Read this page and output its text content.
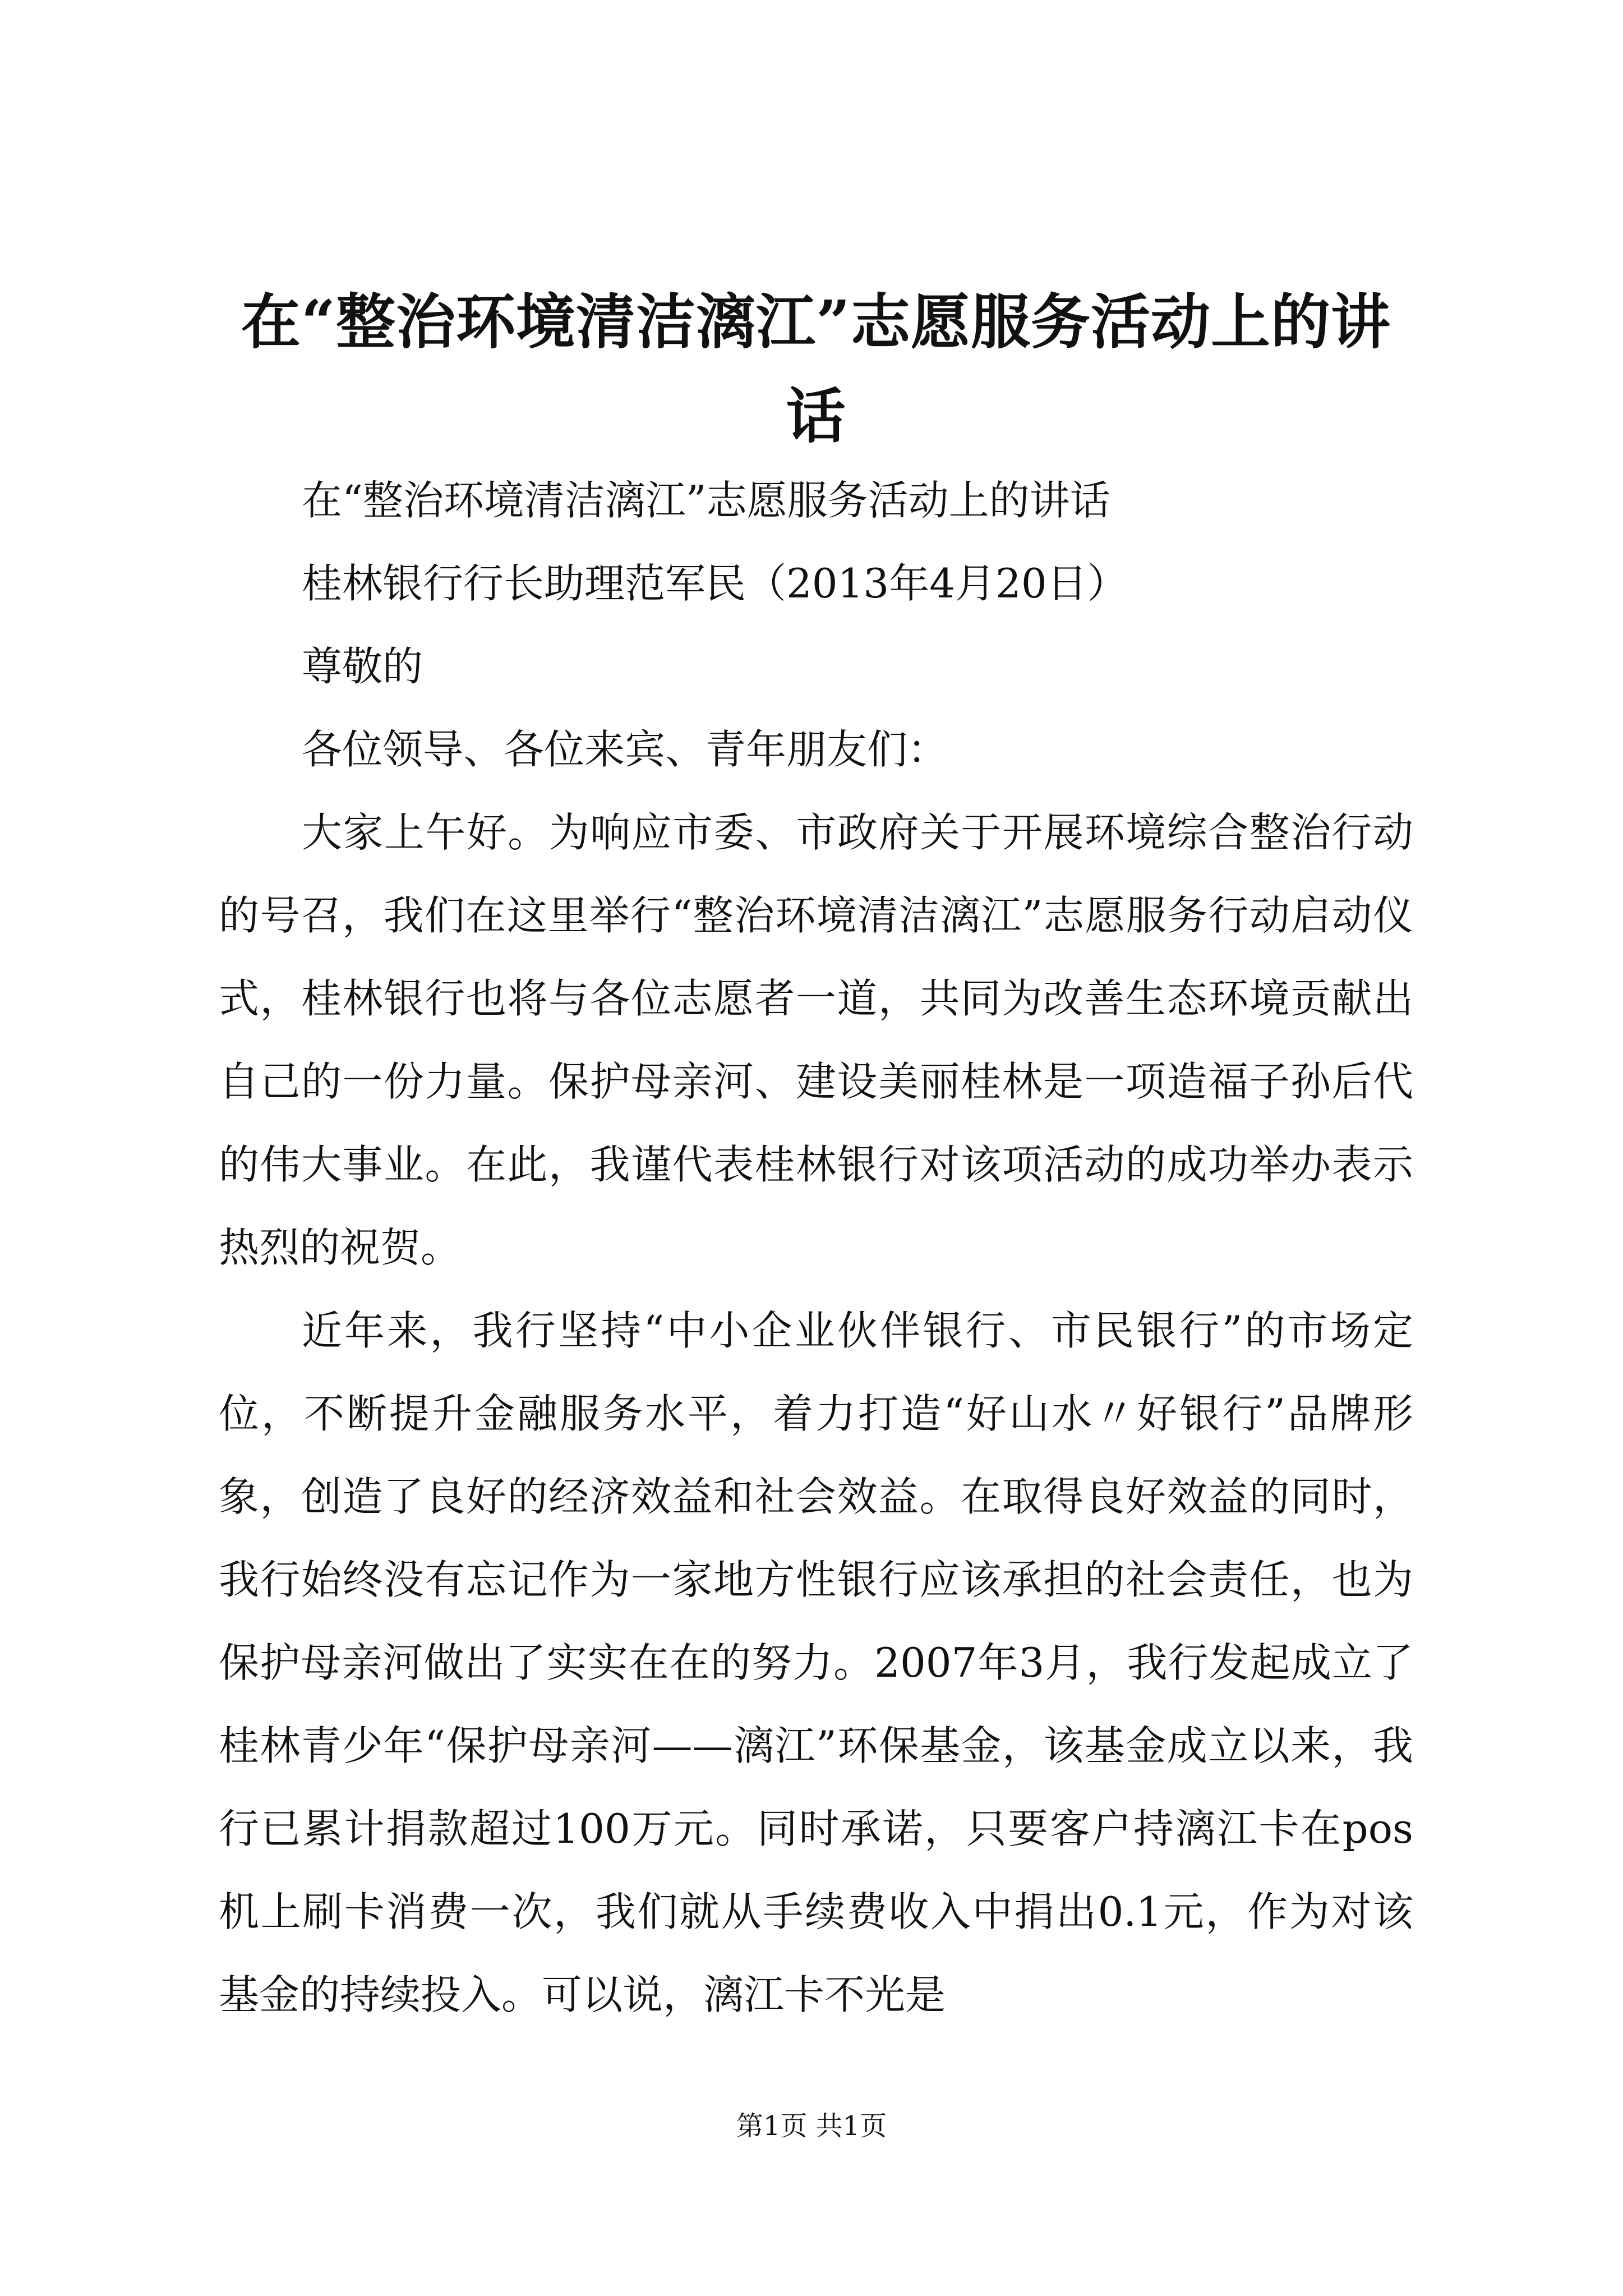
在“整治环境清洁漓江”志愿服务活动上的讲话

在“整治环境清洁漓江”志愿服务活动上的讲话

桂林银行行长助理范军民（2013年4月20日）

尊敬的

各位领导、各位来宾、青年朋友们：

大家上午好。为响应市委、市政府关于开展环境综合整治行动的号召，我们在这里举行“整治环境清洁漓江”志愿服务行动启动仪式，桂林银行也将与各位志愿者一道，共同为改善生态环境贡献出自己的一份力量。保护母亲河、建设美丽桂林是一项造福子孙后代的伟大事业。在此，我谨代表桂林银行对该项活动的成功举办表示热烈的祝贺。

近年来，我行坚持“中小企业伙伴银行、市民银行”的市场定位，不断提升金融服务水平，着力打造“好山水〃好银行”品牌形象，创造了良好的经济效益和社会效益。在取得良好效益的同时，我行始终没有忘记作为一家地方性银行应该承担的社会责任，也为保护母亲河做出了实实在在的努力。2007年3月，我行发起成立了桂林青少年“保护母亲河——漓江”环保基金，该基金成立以来，我行已累计捐款超过100万元。同时承诺，只要客户持漓江卡在pos机上刷卡消费一次，我们就从手续费收入中捐出0.1元，作为对该基金的持续投入。可以说，漓江卡不光是

第1页 共1页
